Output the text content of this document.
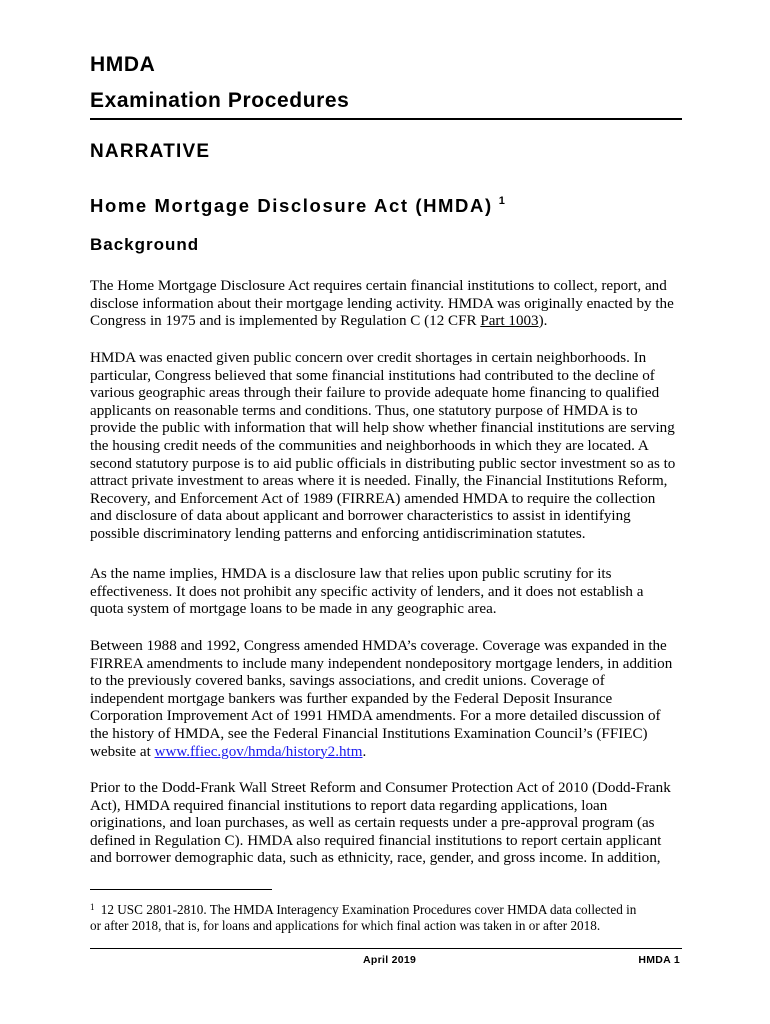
HMDA
Examination Procedures
NARRATIVE
Home Mortgage Disclosure Act (HMDA) $^1$
Background

The Home Mortgage Disclosure Act requires certain financial institutions to collect, report, and
disclose information about their mortgage lending activity. HMDA was originally enacted by the
Congress in 1975 and is implemented by Regulation C (12 CFR Part 1003).

HMDA was enacted given public concern over credit shortages in certain neighborhoods. In
particular, Congress believed that some financial institutions had contributed to the decline of
various geographic areas through their failure to provide adequate home financing to qualified
applicants on reasonable terms and conditions. Thus, one statutory purpose of HMDA is to
provide the public with information that will help show whether financial institutions are serving
the housing credit needs of the communities and neighborhoods in which they are located. A
second statutory purpose is to aid public officials in distributing public sector investment so as to
attract private investment to areas where it is needed. Finally, the Financial Institutions Reform,
Recovery, and Enforcement Act of 1989 (FIRREA) amended HMDA to require the collection
and disclosure of data about applicant and borrower characteristics to assist in identifying
possible discriminatory lending patterns and enforcing antidiscrimination statutes.

As the name implies, HMDA is a disclosure law that relies upon public scrutiny for its
effectiveness. It does not prohibit any specific activity of lenders, and it does not establish a
quota system of mortgage loans to be made in any geographic area.

Between 1988 and 1992, Congress amended HMDA’s coverage. Coverage was expanded in the
FIRREA amendments to include many independent nondepository mortgage lenders, in addition
to the previously covered banks, savings associations, and credit unions. Coverage of
independent mortgage bankers was further expanded by the Federal Deposit Insurance
Corporation Improvement Act of 1991 HMDA amendments. For a more detailed discussion of
the history of HMDA, see the Federal Financial Institutions Examination Council’s (FFIEC)
website at www.ffiec.gov/hmda/history2.htm.

Prior to the Dodd-Frank Wall Street Reform and Consumer Protection Act of 2010 (Dodd-Frank
Act), HMDA required financial institutions to report data regarding applications, loan
originations, and loan purchases, as well as certain requests under a pre-approval program (as
defined in Regulation C). HMDA also required financial institutions to report certain applicant
and borrower demographic data, such as ethnicity, race, gender, and gross income. In addition,

$^1$ 12 USC 2801-2810. The HMDA Interagency Examination Procedures cover HMDA data collected in
or after 2018, that is, for loans and applications for which final action was taken in or after 2018.

April 2019	HMDA 1
